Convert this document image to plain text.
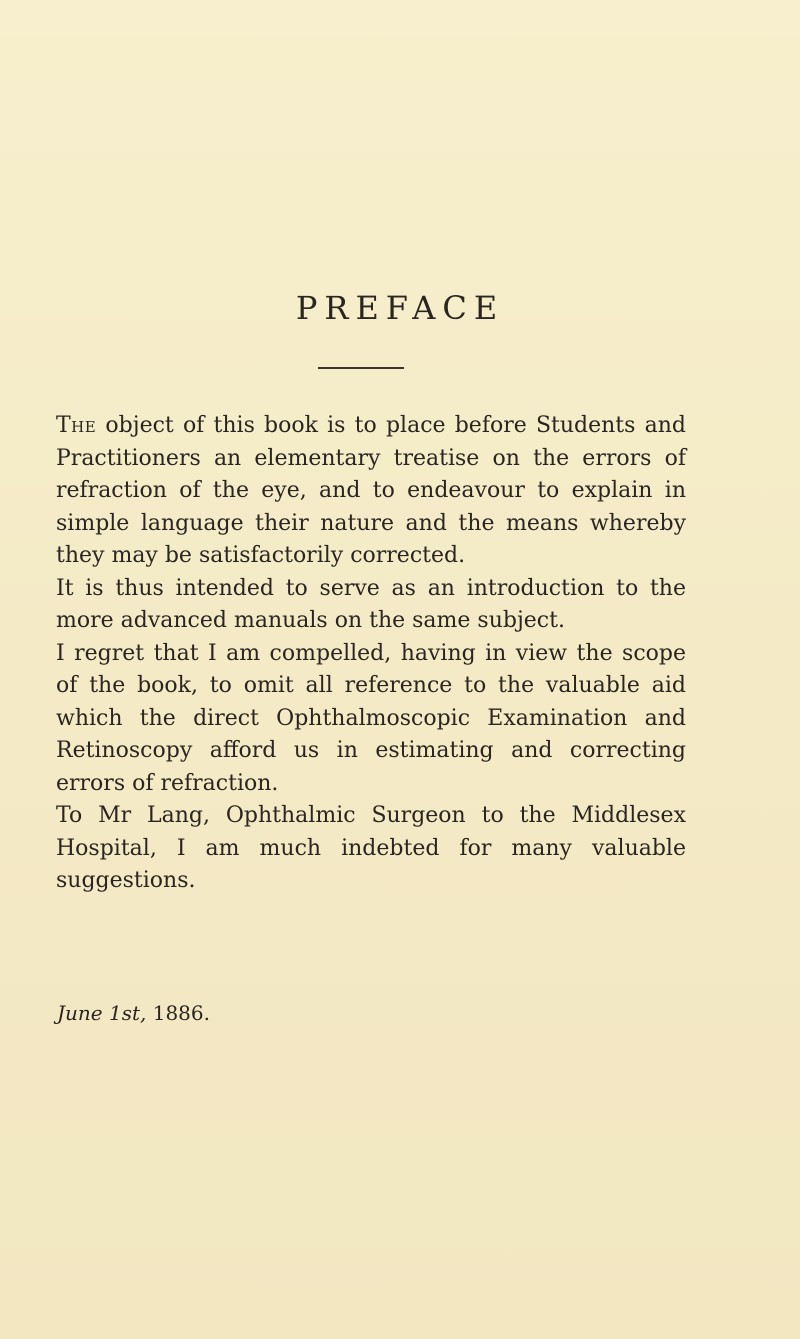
PREFACE

The object of this book is to place before Students and Practitioners an elementary treatise on the errors of refraction of the eye, and to endeavour to explain in simple language their nature and the means whereby they may be satisfactorily corrected.

It is thus intended to serve as an introduction to the more advanced manuals on the same subject.

I regret that I am compelled, having in view the scope of the book, to omit all reference to the valuable aid which the direct Ophthalmoscopic Examination and Retinoscopy afford us in estimating and correcting errors of refraction.

To Mr Lang, Ophthalmic Surgeon to the Middlesex Hospital, I am much indebted for many valuable suggestions.

June 1st, 1886.
